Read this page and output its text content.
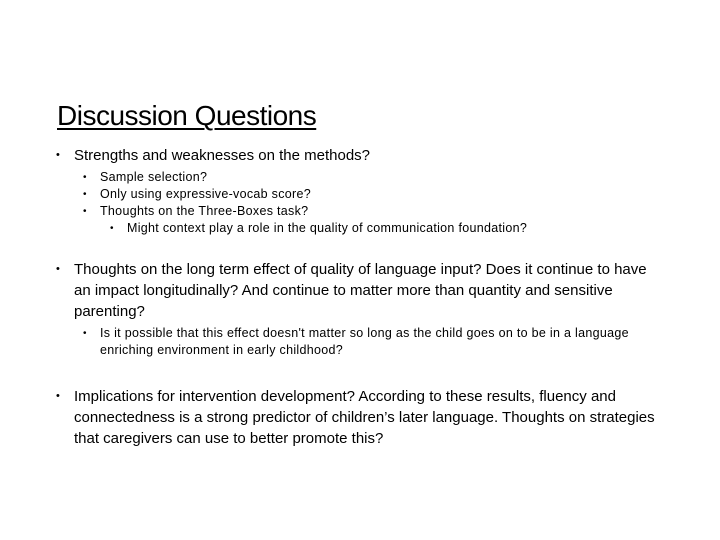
Discussion Questions
• Strengths and weaknesses on the methods?
• Sample selection?
• Only using expressive-vocab score?
• Thoughts on the Three-Boxes task?
• Might context play a role in the quality of communication foundation?
• Thoughts on the long term effect of quality of language input? Does it continue to have an impact longitudinally? And continue to matter more than quantity and sensitive parenting?
• Is it possible that this effect doesn't matter so long as the child goes on to be in a language enriching environment in early childhood?
• Implications for intervention development? According to these results, fluency and connectedness is a strong predictor of children’s later language. Thoughts on strategies that caregivers can use to better promote this?
